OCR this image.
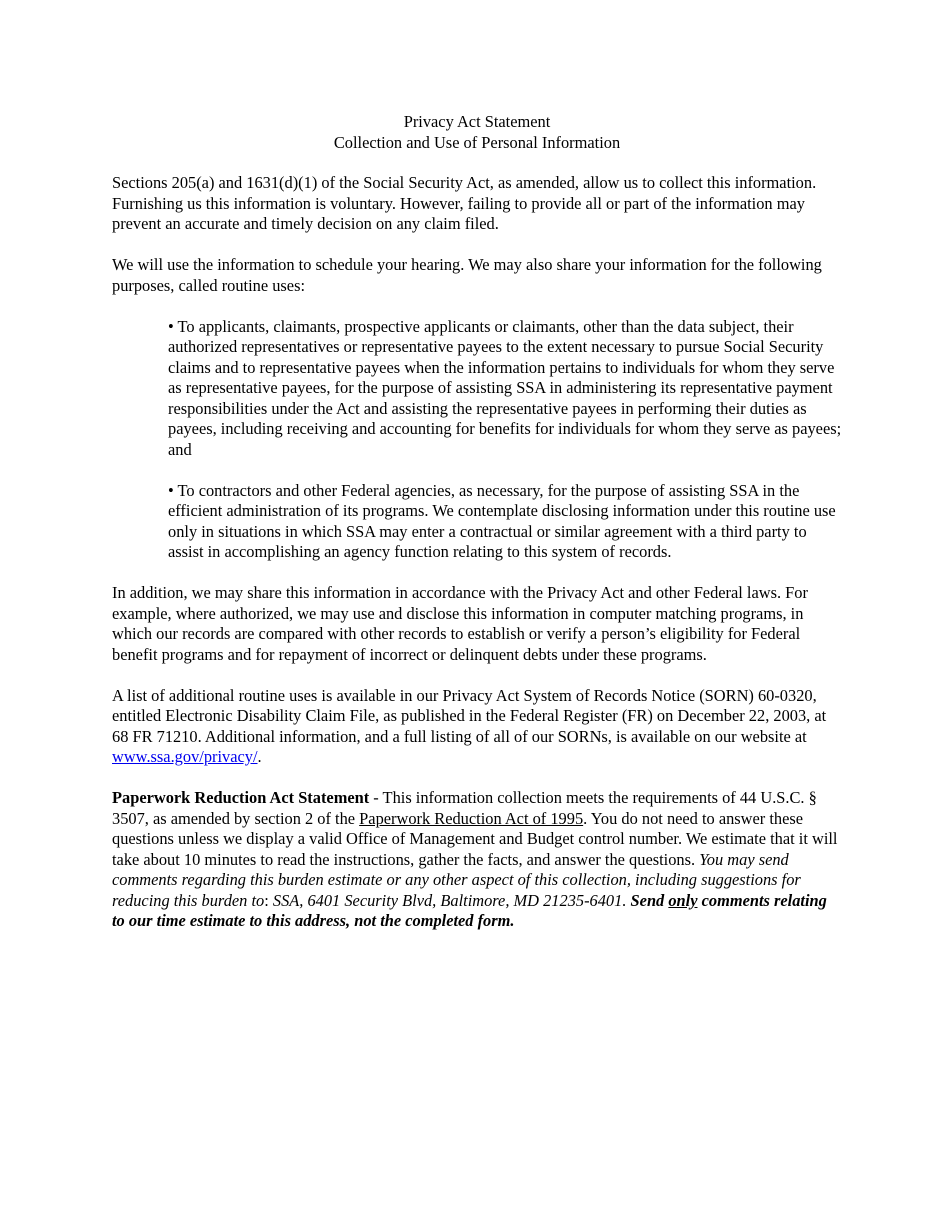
Privacy Act Statement
Collection and Use of Personal Information

Sections 205(a) and 1631(d)(1) of the Social Security Act, as amended, allow us to collect this information. Furnishing us this information is voluntary. However, failing to provide all or part of the information may prevent an accurate and timely decision on any claim filed.

We will use the information to schedule your hearing. We may also share your information for the following purposes, called routine uses:

• To applicants, claimants, prospective applicants or claimants, other than the data subject, their authorized representatives or representative payees to the extent necessary to pursue Social Security claims and to representative payees when the information pertains to individuals for whom they serve as representative payees, for the purpose of assisting SSA in administering its representative payment responsibilities under the Act and assisting the representative payees in performing their duties as payees, including receiving and accounting for benefits for individuals for whom they serve as payees; and

• To contractors and other Federal agencies, as necessary, for the purpose of assisting SSA in the efficient administration of its programs. We contemplate disclosing information under this routine use only in situations in which SSA may enter a contractual or similar agreement with a third party to assist in accomplishing an agency function relating to this system of records.

In addition, we may share this information in accordance with the Privacy Act and other Federal laws. For example, where authorized, we may use and disclose this information in computer matching programs, in which our records are compared with other records to establish or verify a person’s eligibility for Federal benefit programs and for repayment of incorrect or delinquent debts under these programs.

A list of additional routine uses is available in our Privacy Act System of Records Notice (SORN) 60-0320, entitled Electronic Disability Claim File, as published in the Federal Register (FR) on December 22, 2003, at 68 FR 71210. Additional information, and a full listing of all of our SORNs, is available on our website at www.ssa.gov/privacy/.

Paperwork Reduction Act Statement - This information collection meets the requirements of 44 U.S.C. § 3507, as amended by section 2 of the Paperwork Reduction Act of 1995. You do not need to answer these questions unless we display a valid Office of Management and Budget control number. We estimate that it will take about 10 minutes to read the instructions, gather the facts, and answer the questions. You may send comments regarding this burden estimate or any other aspect of this collection, including suggestions for reducing this burden to: SSA, 6401 Security Blvd, Baltimore, MD 21235-6401. Send only comments relating to our time estimate to this address, not the completed form.
